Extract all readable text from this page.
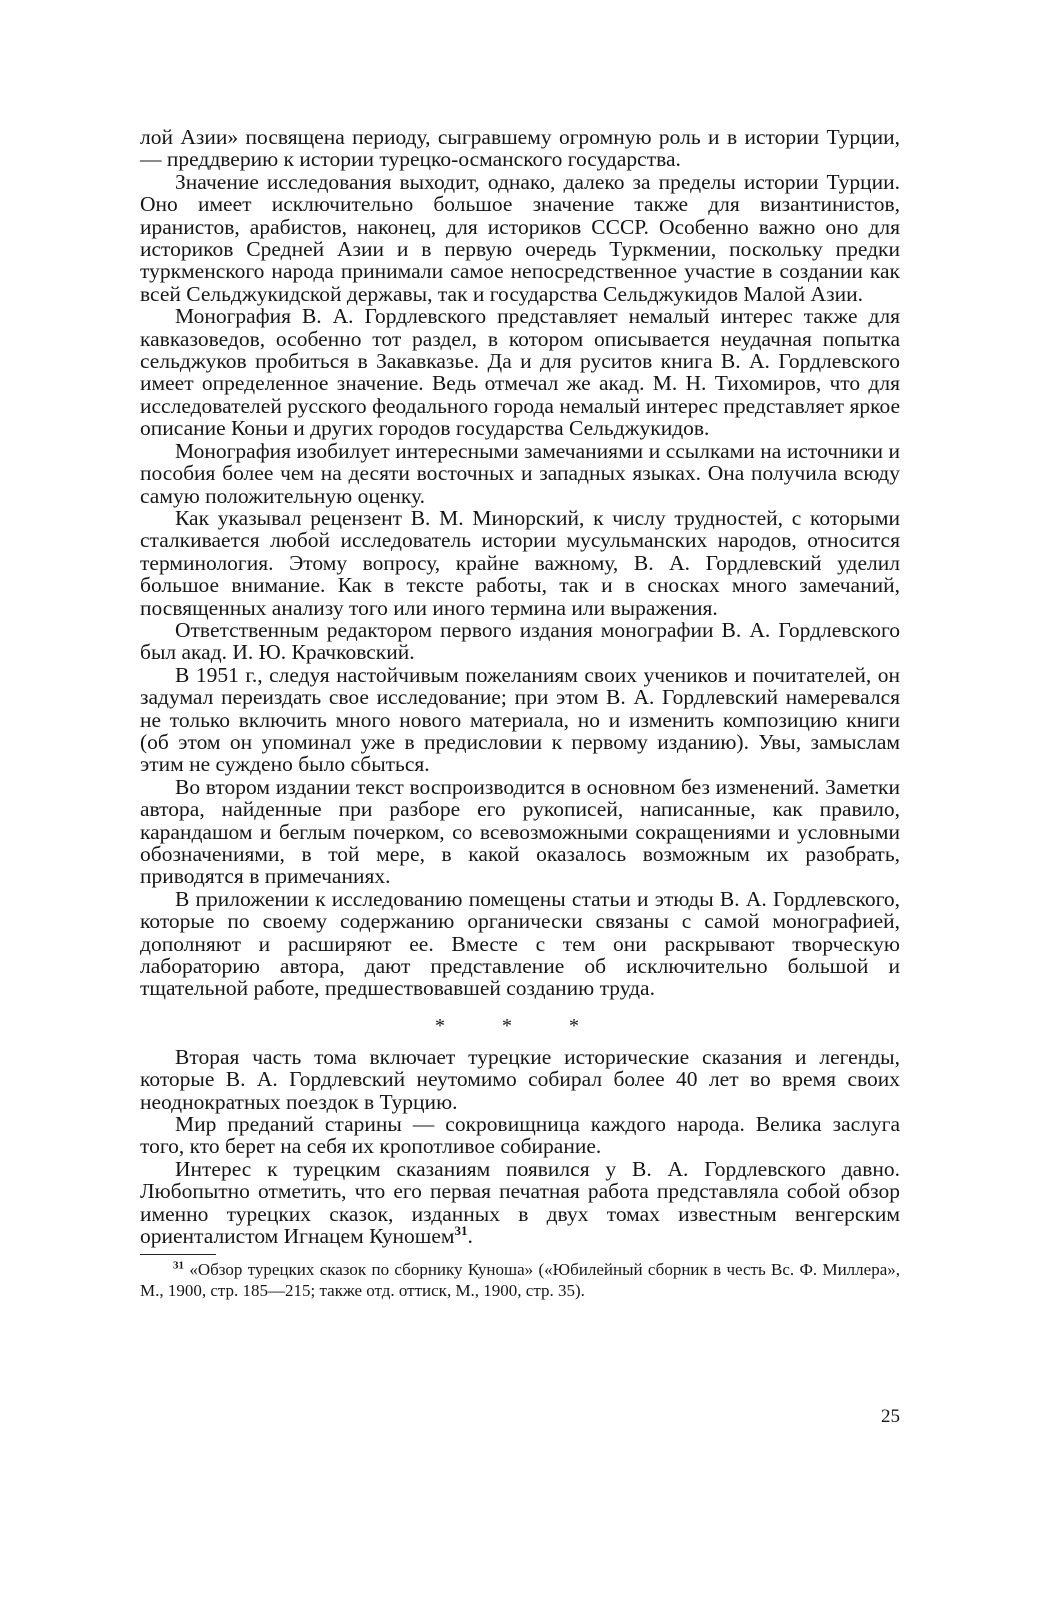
лой Азии» посвящена периоду, сыгравшему огромную роль и в истории Турции, — преддверию к истории турецко-османского государства.

Значение исследования выходит, однако, далеко за пределы истории Турции. Оно имеет исключительно большое значение также для византинистов, иранистов, арабистов, наконец, для историков СССР. Особенно важно оно для историков Средней Азии и в первую очередь Туркмении, поскольку предки туркменского народа принимали самое непосредственное участие в создании как всей Сельджукидской державы, так и государства Сельджукидов Малой Азии.

Монография В. А. Гордлевского представляет немалый интерес также для кавказоведов, особенно тот раздел, в котором описывается неудачная попытка сельджуков пробиться в Закавказье. Да и для руситов книга В. А. Гордлевского имеет определенное значение. Ведь отмечал же акад. М. Н. Тихомиров, что для исследователей русского феодального города немалый интерес представляет яркое описание Коньи и других городов государства Сельджукидов.

Монография изобилует интересными замечаниями и ссылками на источники и пособия более чем на десяти восточных и западных языках. Она получила всюду самую положительную оценку.

Как указывал рецензент В. М. Минорский, к числу трудностей, с которыми сталкивается любой исследователь истории мусульманских народов, относится терминология. Этому вопросу, крайне важному, В. А. Гордлевский уделил большое внимание. Как в тексте работы, так и в сносках много замечаний, посвященных анализу того или иного термина или выражения.

Ответственным редактором первого издания монографии В. А. Гордлевского был акад. И. Ю. Крачковский.

В 1951 г., следуя настойчивым пожеланиям своих учеников и почитателей, он задумал переиздать свое исследование; при этом В. А. Гордлевский намеревался не только включить много нового материала, но и изменить композицию книги (об этом он упоминал уже в предисловии к первому изданию). Увы, замыслам этим не суждено было сбыться.

Во втором издании текст воспроизводится в основном без изменений. Заметки автора, найденные при разборе его рукописей, написанные, как правило, карандашом и беглым почерком, со всевозможными сокращениями и условными обозначениями, в той мере, в какой оказалось возможным их разобрать, приводятся в примечаниях.

В приложении к исследованию помещены статьи и этюды В. А. Гордлевского, которые по своему содержанию органически связаны с самой монографией, дополняют и расширяют ее. Вместе с тем они раскрывают творческую лабораторию автора, дают представление об исключительно большой и тщательной работе, предшествовавшей созданию труда.

* * *

Вторая часть тома включает турецкие исторические сказания и легенды, которые В. А. Гордлевский неутомимо собирал более 40 лет во время своих неоднократных поездок в Турцию.

Мир преданий старины — сокровищница каждого народа. Велика заслуга того, кто берет на себя их кропотливое собирание.

Интерес к турецким сказаниям появился у В. А. Гордлевского давно. Любопытно отметить, что его первая печатная работа представляла собой обзор именно турецких сказок, изданных в двух томах известным венгерским ориенталистом Игнацем Куношем$^{31}$.

$^{31}$ «Обзор турецких сказок по сборнику Куноша» («Юбилейный сборник в честь Вс. Ф. Миллера», М., 1900, стр. 185—215; также отд. оттиск, М., 1900, стр. 35).

25
